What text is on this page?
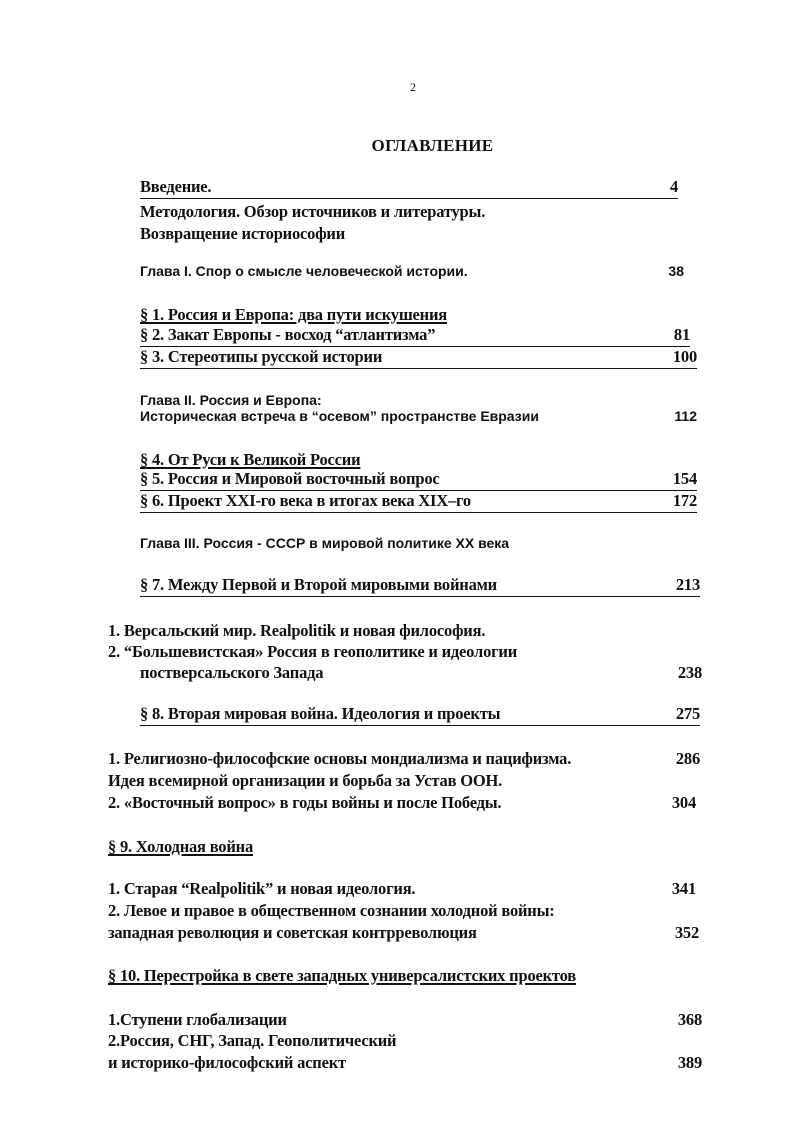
2
ОГЛАВЛЕНИЕ
Введение.	4
Методология. Обзор источников и литературы.
Возвращение историософии
Глава I. Спор о смысле человеческой истории.	38
§ 1. Россия и Европа: два пути искушения
§ 2. Закат Европы - восход “атлантизма”	81
§ 3. Стереотипы русской истории	100
Глава II. Россия и Европа:
Историческая встреча в “осевом” пространстве Евразии	112
§ 4. От Руси к Великой России
§ 5. Россия и Мировой восточный вопрос	154
§ 6. Проект XXI-го века в итогах века XIX–го	172
Глава III. Россия - СССР в мировой политике XX века
§ 7. Между Первой и Второй мировыми войнами	213
1. Версальский мир. Realpolitik и новая философия.
2. “Большевистская» Россия в геополитике и идеологии
постверсальского Запада	238
§ 8. Вторая мировая война. Идеология и проекты	275
1. Религиозно-философские основы мондиализма и пацифизма.	286
Идея всемирной организации и борьба за Устав ООН.
2. «Восточный вопрос» в годы войны и после Победы.	304
§ 9. Холодная война
1. Старая “Realpolitik” и новая идеология.	341
2. Левое и правое в общественном сознании холодной войны:
западная революция и советская контрреволюция	352
§ 10. Перестройка в свете западных универсалистских проектов
1.Ступени глобализации	368
2.Россия, СНГ, Запад. Геополитический
и историко-философский аспект	389
